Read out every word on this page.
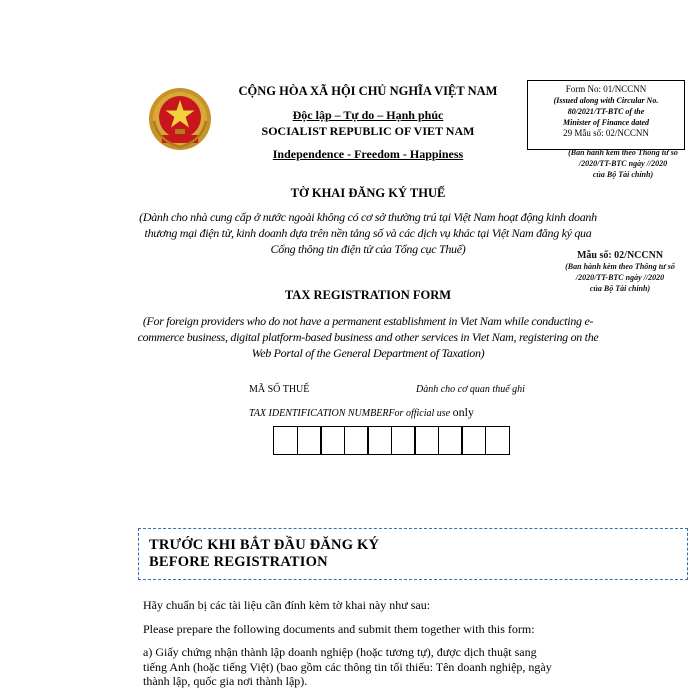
CỘNG HÒA XÃ HỘI CHỦ NGHĨA VIỆT NAM
Độc lập – Tự do – Hạnh phúc
SOCIALIST REPUBLIC OF VIET NAM
Independence - Freedom - Happiness
Form No: 01/NCCNN
(Issued along with Circular No.
80/2021/TT-BTC of the
Minister of Finance dated
29 Mẫu số: 02/NCCNN
(Ban hành kèm theo Thông tư số
/2020/TT-BTC ngày //2020
của Bộ Tài chính)
TỜ KHAI ĐĂNG KÝ THUẾ
(Dành cho nhà cung cấp ở nước ngoài không có cơ sở thường trú tại Việt Nam hoạt động kinh doanh
thương mại điện tử, kinh doanh dựa trên nền tảng số và các dịch vụ khác tại Việt Nam đăng ký qua
Cổng thông tin điện tử của Tổng cục Thuế)	Mẫu số: 02/NCCNN
(Ban hành kèm theo Thông tư số
/2020/TT-BTC ngày //2020
của Bộ Tài chính)
TAX REGISTRATION FORM
(For foreign providers who do not have a permanent establishment in Viet Nam while conducting e-
commerce business, digital platform-based business and other services in Viet Nam, registering on the
Web Portal of the General Department of Taxation)
MÃ SỐ THUẾ	Dành cho cơ quan thuế ghi
TAX IDENTIFICATION NUMBERFor official use only
TRƯỚC KHI BẮT ĐẦU ĐĂNG KÝ
BEFORE REGISTRATION
Hãy chuẩn bị các tài liệu cần đính kèm tờ khai này như sau:
Please prepare the following documents and submit them together with this form:
a) Giấy chứng nhận thành lập doanh nghiệp (hoặc tương tự), được dịch thuật sang
tiếng Anh (hoặc tiếng Việt) (bao gồm các thông tin tối thiểu: Tên doanh nghiệp, ngày
thành lập, quốc gia nơi thành lập).
